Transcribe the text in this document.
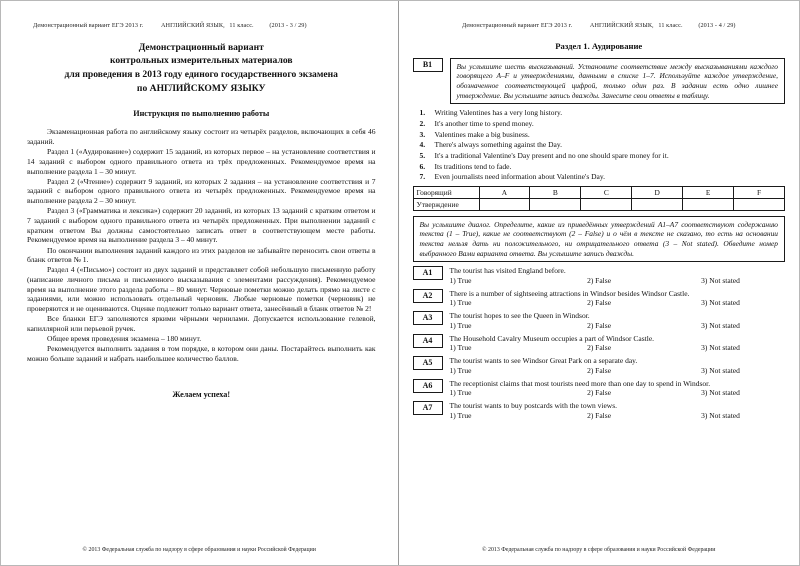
Демонстрационный вариант ЕГЭ 2013 г.	АНГЛИЙСКИЙ ЯЗЫК, 11 класс.	(2013 - 3 / 29)
Демонстрационный вариант
контрольных измерительных материалов
для проведения в 2013 году единого государственного экзамена
по АНГЛИЙСКОМУ ЯЗЫКУ
Инструкция по выполнению работы

Экзаменационная работа по английскому языку состоит из четырёх разделов, включающих в себя 46 заданий.

Раздел 1 («Аудирование») содержит 15 заданий, из которых первое – на установление соответствия и 14 заданий с выбором одного правильного ответа из трёх предложенных. Рекомендуемое время на выполнение раздела 1 – 30 минут.

Раздел 2 («Чтение») содержит 9 заданий, из которых 2 задания – на установление соответствия и 7 заданий с выбором одного правильного ответа из четырёх предложенных. Рекомендуемое время на выполнение раздела 2 – 30 минут.

Раздел 3 («Грамматика и лексика») содержит 20 заданий, из которых 13 заданий с кратким ответом и 7 заданий с выбором одного правильного ответа из четырёх предложенных. При выполнении заданий с кратким ответом Вы должны самостоятельно записать ответ в соответствующем месте работы. Рекомендуемое время на выполнение раздела 3 – 40 минут.

По окончании выполнения заданий каждого из этих разделов не забывайте переносить свои ответы в бланк ответов № 1.

Раздел 4 («Письмо») состоит из двух заданий и представляет собой небольшую письменную работу (написание личного письма и письменного высказывания с элементами рассуждения). Рекомендуемое время на выполнение этого раздела работы – 80 минут. Черновые пометки можно делать прямо на листе с заданиями, или можно использовать отдельный черновик. Любые черновые пометки (черновик) не проверяются и не оцениваются. Оценке подлежит только вариант ответа, занесённый в бланк ответов № 2!

Все бланки ЕГЭ заполняются яркими чёрными чернилами. Допускается использование гелевой, капиллярной или перьевой ручек.

Общее время проведения экзамена – 180 минут.

Рекомендуется выполнить задания в том порядке, в котором они даны. Постарайтесь выполнить как можно больше заданий и набрать наибольшее количество баллов.

Желаем успеха!
© 2013 Федеральная служба по надзору в сфере образования и науки Российской Федерации
Демонстрационный вариант ЕГЭ 2013 г.	АНГЛИЙСКИЙ ЯЗЫК, 11 класс.	(2013 - 4 / 29)
Раздел 1. Аудирование
B1	Вы услышите шесть высказываний. Установите соответствие между высказываниями каждого говорящего A–F и утверждениями, данными в списке 1–7. Используйте каждое утверждение, обозначенное соответствующей цифрой, только один раз. В задании есть одно лишнее утверждение. Вы услышите запись дважды. Занесите свои ответы в таблицу.

1. Writing Valentines has a very long history.
2. It's another time to spend money.
3. Valentines make a big business.
4. There's always something against the Day.
5. It's a traditional Valentine's Day present and no one should spare money for it.
6. Its traditions tend to fade.
7. Even journalists need information about Valentine's Day.
Говорящий	A	B	C	D	E	F
Утверждение						

Вы услышите диалог. Определите, какие из приведённых утверждений A1–A7 соответствуют содержанию текста (1 – True), какие не соответствуют (2 – False) и о чём в тексте не сказано, то есть на основании текста нельзя дать ни положительного, ни отрицательного ответа (3 – Not stated). Обведите номер выбранного Вами варианта ответа. Вы услышите запись дважды.

A1	The tourist has visited England before.

1) True	2) False	3) Not stated
A2	There is a number of sightseeing attractions in Windsor besides Windsor Castle.

1) True	2) False	3) Not stated
A3	The tourist hopes to see the Queen in Windsor.

1) True	2) False	3) Not stated
A4	The Household Cavalry Museum occupies a part of Windsor Castle.

1) True	2) False	3) Not stated
A5	The tourist wants to see Windsor Great Park on a separate day.

1) True	2) False	3) Not stated
A6	The receptionist claims that most tourists need more than one day to spend in Windsor.

1) True	2) False	3) Not stated
A7	The tourist wants to buy postcards with the town views.

1) True	2) False	3) Not stated
© 2013 Федеральная служба по надзору в сфере образования и науки Российской Федерации
